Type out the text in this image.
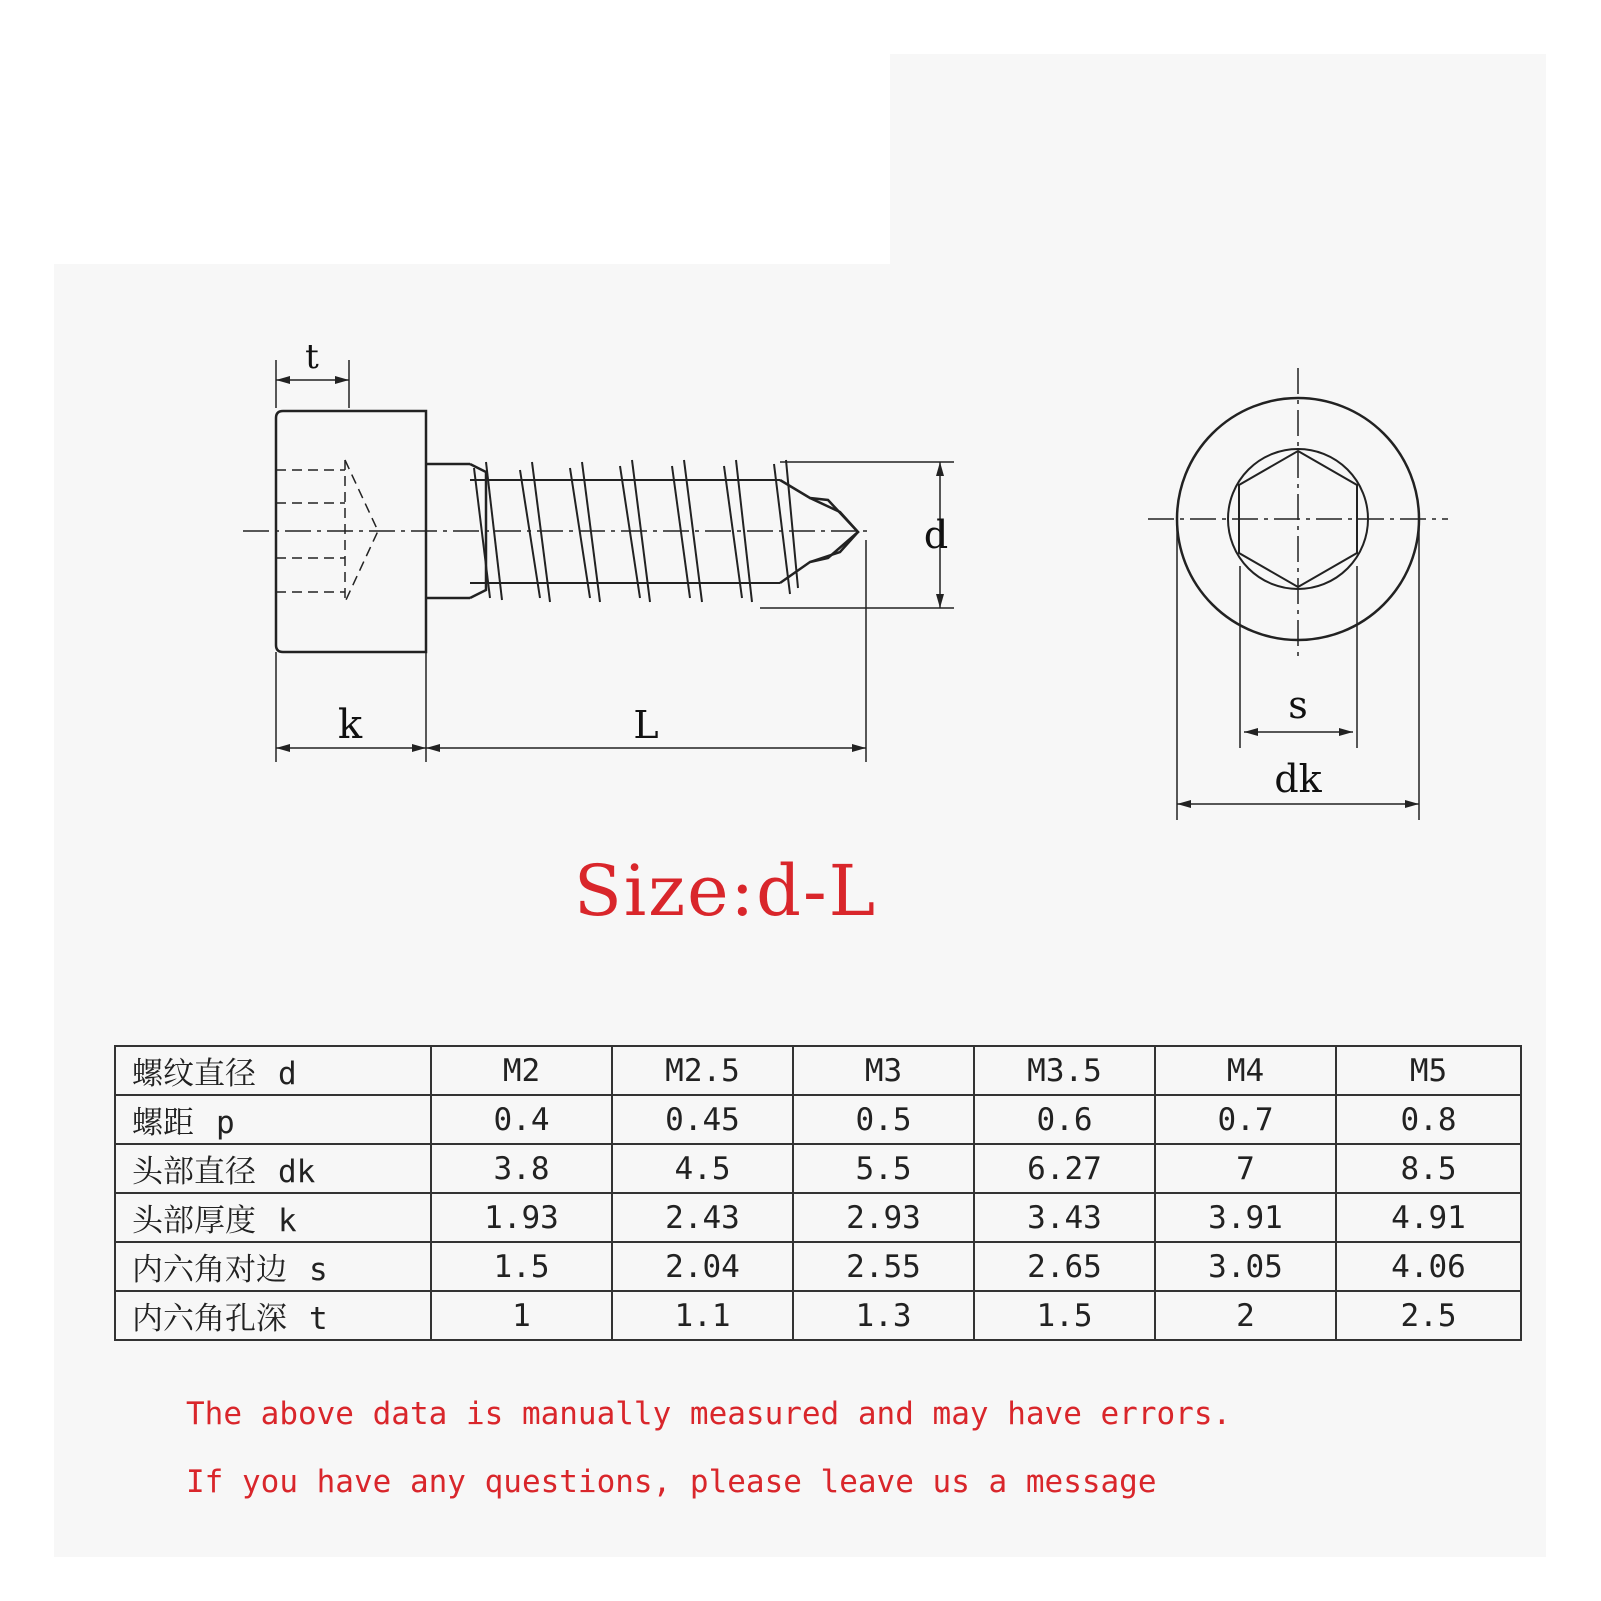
t
d
k	L	s
dk
Size:d-L
螺纹直径 d	M2	M2.5	M3	M3.5	M4	M5
螺距 p	0.4	0.45	0.5	0.6	0.7	0.8
头部直径 dk	3.8	4.5	5.5	6.27	7	8.5
头部厚度 k	1.93	2.43	2.93	3.43	3.91	4.91
内六角对边 s	1.5	2.04	2.55	2.65	3.05	4.06
内六角孔深 t	1	1.1	1.3	1.5	2	2.5
The above data is manually measured and may have errors.
If you have any questions, please leave us a message
